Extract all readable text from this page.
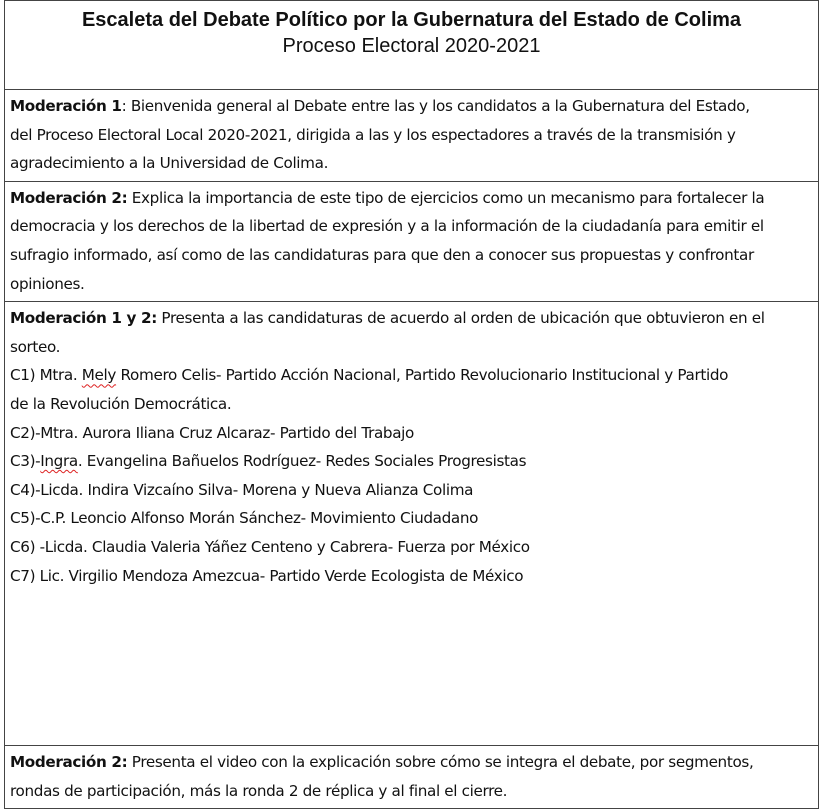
Escaleta del Debate Político por la Gubernatura del Estado de Colima
Proceso Electoral 2020-2021
Moderación 1: Bienvenida general al Debate entre las y los candidatos a la Gubernatura del Estado,
del Proceso Electoral Local 2020-2021, dirigida a las y los espectadores a través de la transmisión y
agradecimiento a la Universidad de Colima.
Moderación 2: Explica la importancia de este tipo de ejercicios como un mecanismo para fortalecer la
democracia y los derechos de la libertad de expresión y a la información de la ciudadanía para emitir el
sufragio informado, así como de las candidaturas para que den a conocer sus propuestas y confrontar
opiniones.
Moderación 1 y 2: Presenta a las candidaturas de acuerdo al orden de ubicación que obtuvieron en el
sorteo.
C1) Mtra. Mely Romero Celis- Partido Acción Nacional, Partido Revolucionario Institucional y Partido
de la Revolución Democrática.
C2)-Mtra. Aurora Iliana Cruz Alcaraz- Partido del Trabajo
C3)-Ingra. Evangelina Bañuelos Rodríguez- Redes Sociales Progresistas
C4)-Licda. Indira Vizcaíno Silva- Morena y Nueva Alianza Colima
C5)-C.P. Leoncio Alfonso Morán Sánchez- Movimiento Ciudadano
C6) -Licda. Claudia Valeria Yáñez Centeno y Cabrera- Fuerza por México
C7) Lic. Virgilio Mendoza Amezcua- Partido Verde Ecologista de México
Moderación 2: Presenta el video con la explicación sobre cómo se integra el debate, por segmentos,
rondas de participación, más la ronda 2 de réplica y al final el cierre.
